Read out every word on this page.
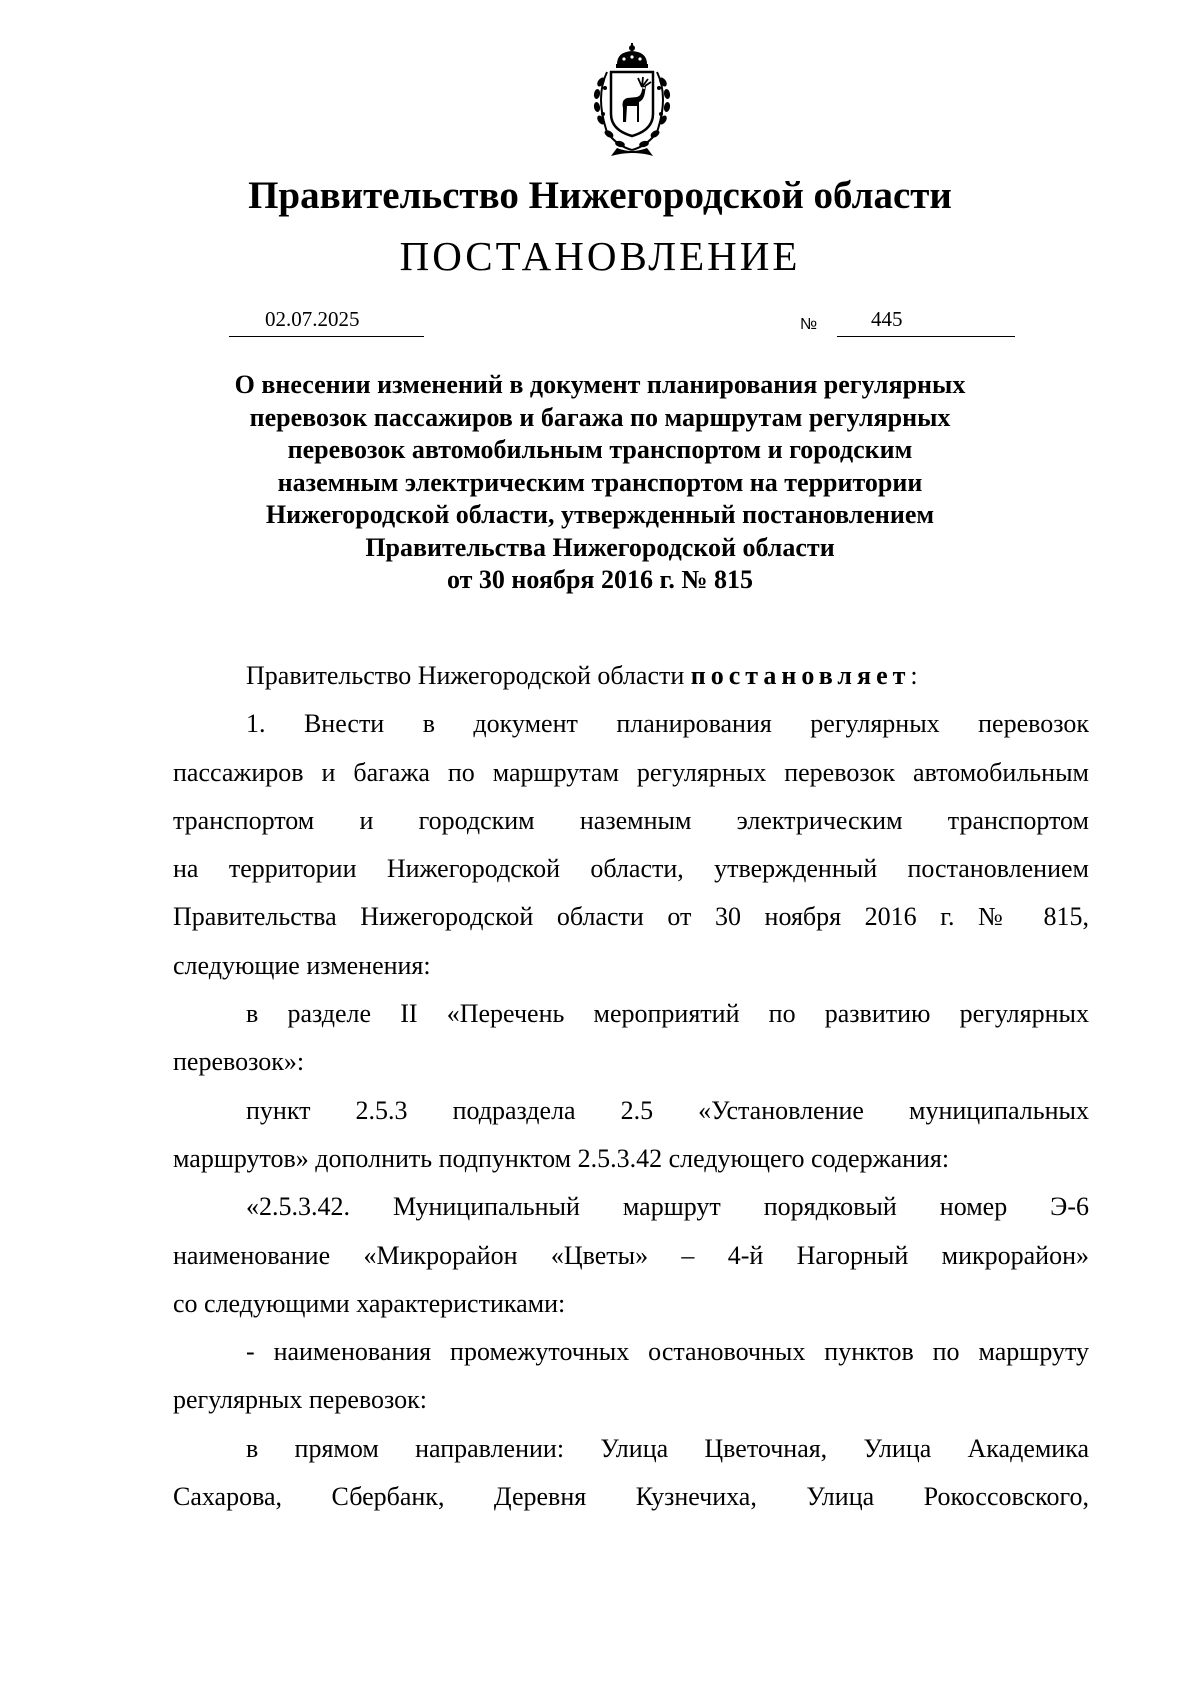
Правительство Нижегородской области
ПОСТАНОВЛЕНИЕ
02.07.2025	№	445
О внесении изменений в документ планирования регулярных
перевозок пассажиров и багажа по маршрутам регулярных
перевозок автомобильным транспортом и городским
наземным электрическим транспортом на территории
Нижегородской области, утвержденный постановлением
Правительства Нижегородской области
от 30 ноября 2016 г. № 815
Правительство Нижегородской области постановляет:
1. Внести в документ планирования регулярных перевозок
пассажиров и багажа по маршрутам регулярных перевозок автомобильным
транспортом и городским наземным электрическим транспортом
на территории Нижегородской области, утвержденный постановлением
Правительства Нижегородской области от 30 ноября 2016 г. № 815,
следующие изменения:
в разделе II «Перечень мероприятий по развитию регулярных
перевозок»:
пункт 2.5.3 подраздела 2.5 «Установление муниципальных
маршрутов» дополнить подпунктом 2.5.3.42 следующего содержания:
«2.5.3.42. Муниципальный маршрут порядковый номер Э-6
наименование «Микрорайон «Цветы» – 4-й Нагорный микрорайон»
со следующими характеристиками:
- наименования промежуточных остановочных пунктов по маршруту
регулярных перевозок:
в прямом направлении: Улица Цветочная, Улица Академика
Сахарова, Сбербанк, Деревня Кузнечиха, Улица Рокоссовского,
